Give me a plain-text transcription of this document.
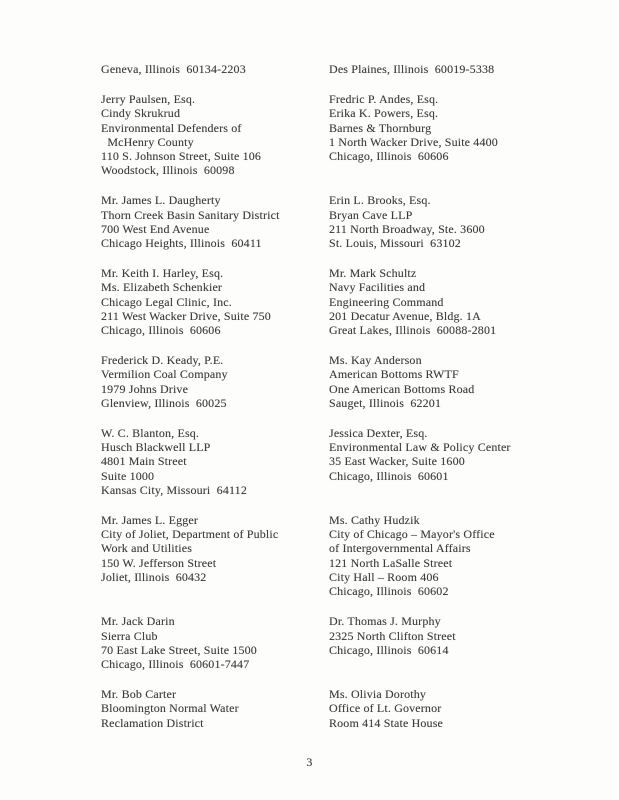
Geneva, Illinois  60134-2203	Des Plaines, Illinois  60019-5338
Jerry Paulsen, Esq.
Cindy Skrukrud
Environmental Defenders of
McHenry County
110 S. Johnson Street, Suite 106
Woodstock, Illinois  60098
Fredric P. Andes, Esq.
Erika K. Powers, Esq.
Barnes & Thornburg
1 North Wacker Drive, Suite 4400
Chicago, Illinois  60606
Mr. James L. Daugherty
Thorn Creek Basin Sanitary District
700 West End Avenue
Chicago Heights, Illinois  60411
Erin L. Brooks, Esq.
Bryan Cave LLP
211 North Broadway, Ste. 3600
St. Louis, Missouri  63102
Mr. Keith I. Harley, Esq.
Ms. Elizabeth Schenkier
Chicago Legal Clinic, Inc.
211 West Wacker Drive, Suite 750
Chicago, Illinois  60606
Mr. Mark Schultz
Navy Facilities and
Engineering Command
201 Decatur Avenue, Bldg. 1A
Great Lakes, Illinois  60088-2801
Frederick D. Keady, P.E.
Vermilion Coal Company
1979 Johns Drive
Glenview, Illinois  60025
Ms. Kay Anderson
American Bottoms RWTF
One American Bottoms Road
Sauget, Illinois  62201
W. C. Blanton, Esq.
Husch Blackwell LLP
4801 Main Street
Suite 1000
Kansas City, Missouri  64112
Jessica Dexter, Esq.
Environmental Law & Policy Center
35 East Wacker, Suite 1600
Chicago, Illinois  60601
Mr. James L. Egger
City of Joliet, Department of Public
Work and Utilities
150 W. Jefferson Street
Joliet, Illinois  60432
Ms. Cathy Hudzik
City of Chicago – Mayor's Office
of Intergovernmental Affairs
121 North LaSalle Street
City Hall – Room 406
Chicago, Illinois  60602
Mr. Jack Darin
Sierra Club
70 East Lake Street, Suite 1500
Chicago, Illinois  60601-7447
Dr. Thomas J. Murphy
2325 North Clifton Street
Chicago, Illinois  60614
Mr. Bob Carter
Bloomington Normal Water
Reclamation District
Ms. Olivia Dorothy
Office of Lt. Governor
Room 414 State House
3
